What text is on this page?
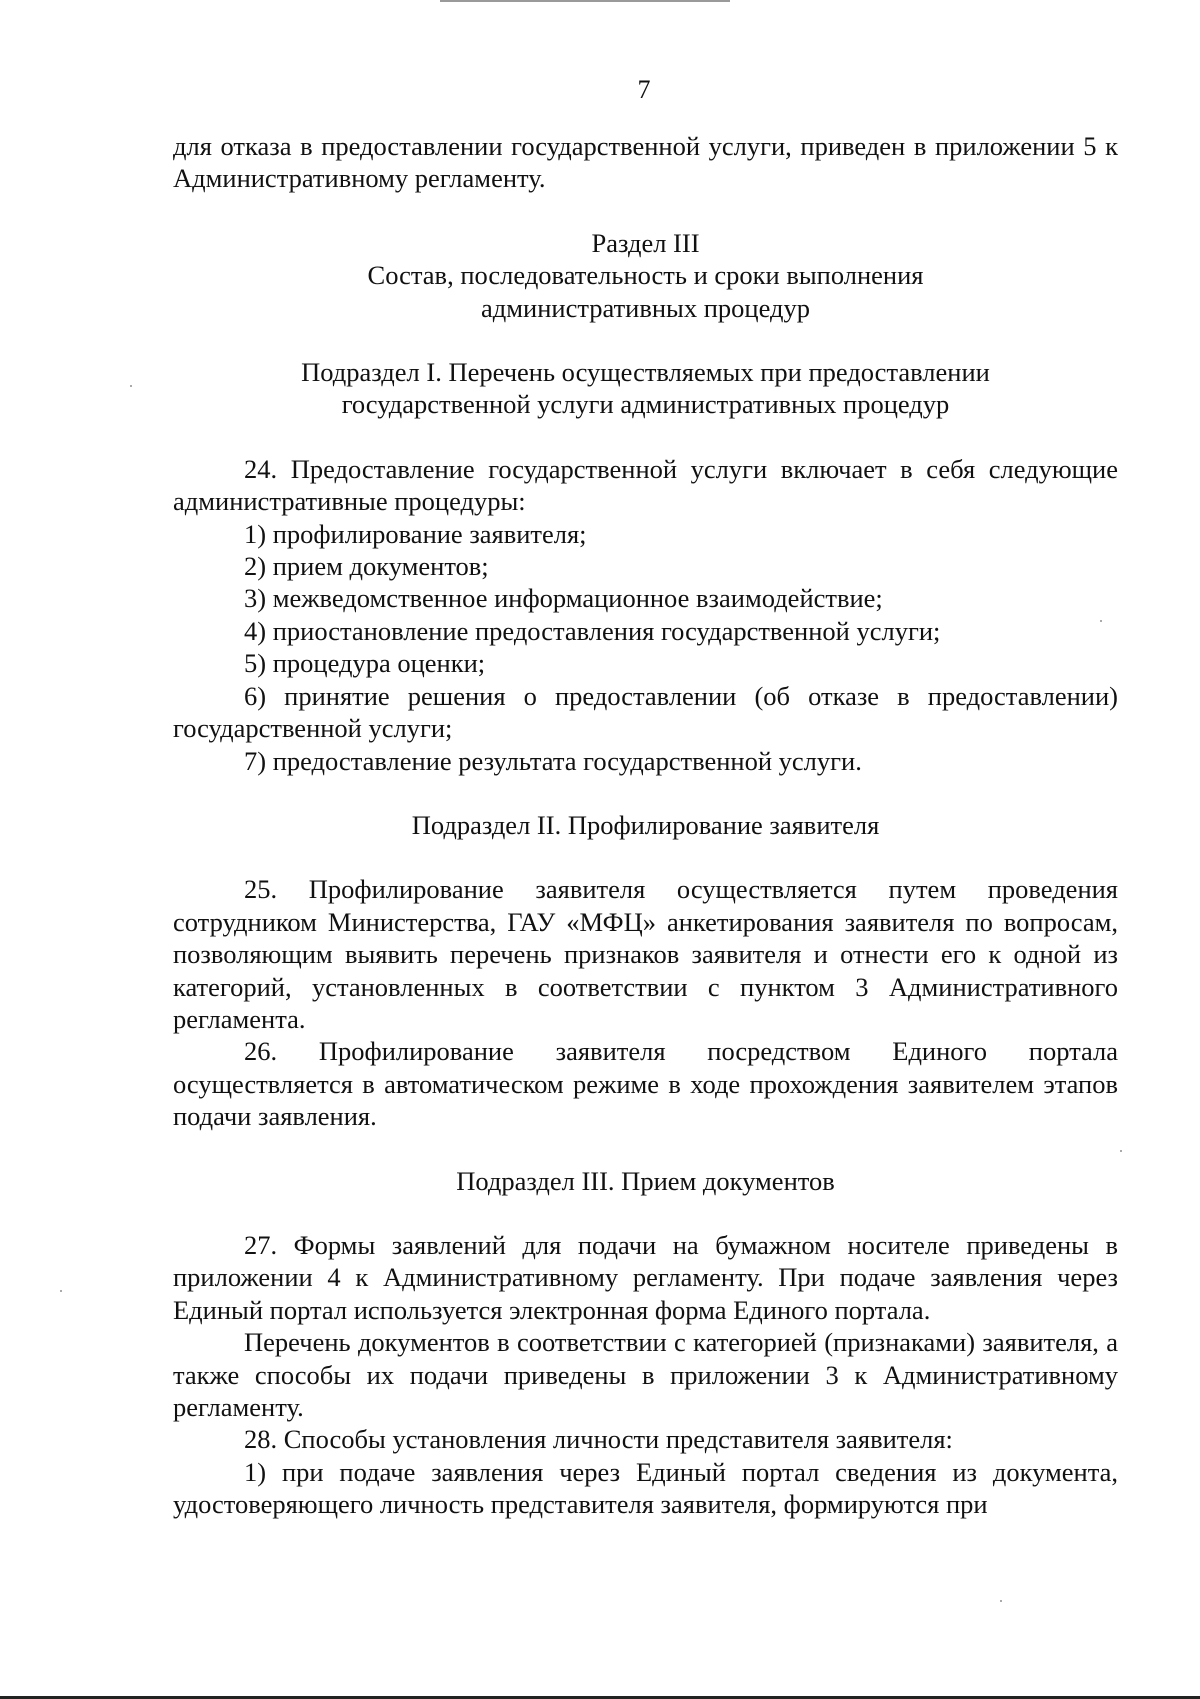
7

для отказа в предоставлении государственной услуги, приведен в приложении 5 к Административному регламенту.

Раздел III

Состав, последовательность и сроки выполнения

административных процедур

Подраздел I. Перечень осуществляемых при предоставлении

государственной услуги административных процедур

24. Предоставление государственной услуги включает в себя следующие административные процедуры:

1) профилирование заявителя;

2) прием документов;

3) межведомственное информационное взаимодействие;

4) приостановление предоставления государственной услуги;

5) процедура оценки;

6) принятие решения о предоставлении (об отказе в предоставлении) государственной услуги;

7) предоставление результата государственной услуги.

Подраздел II. Профилирование заявителя

25. Профилирование заявителя осуществляется путем проведения сотрудником Министерства, ГАУ «МФЦ» анкетирования заявителя по вопросам, позволяющим выявить перечень признаков заявителя и отнести его к одной из категорий, установленных в соответствии с пунктом 3 Административного регламента.

26. Профилирование заявителя посредством Единого портала осуществляется в автоматическом режиме в ходе прохождения заявителем этапов подачи заявления.

Подраздел III. Прием документов

27. Формы заявлений для подачи на бумажном носителе приведены в приложении 4 к Административному регламенту. При подаче заявления через Единый портал используется электронная форма Единого портала.

Перечень документов в соответствии с категорией (признаками) заявителя, а также способы их подачи приведены в приложении 3 к Административному регламенту.

28. Способы установления личности представителя заявителя:

1) при подаче заявления через Единый портал сведения из документа, удостоверяющего личность представителя заявителя, формируются при
